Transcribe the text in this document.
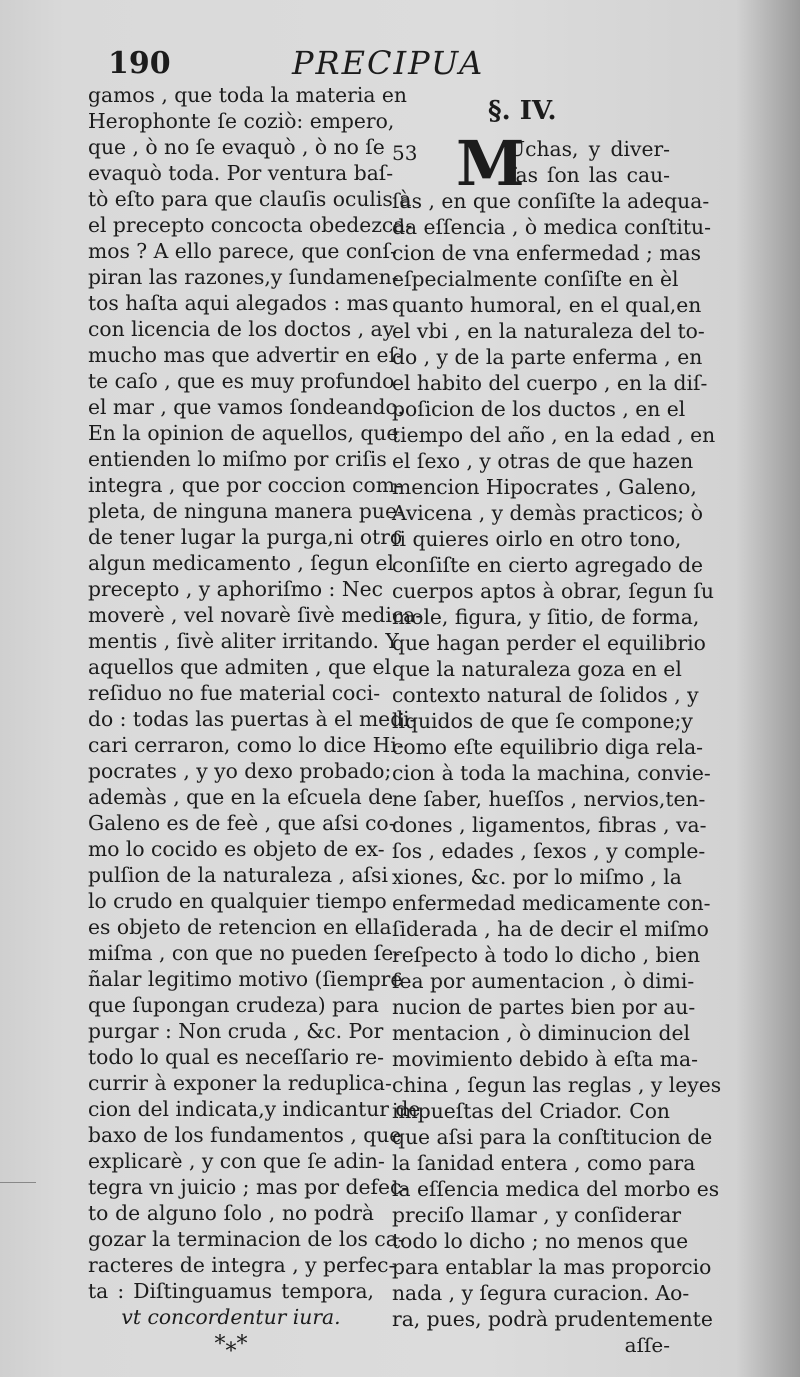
190	PRECIPUA
gamos , que toda la materia en
Herophonte ſe coziò: empero,
que , ò no ſe evaquò , ò no ſe
evaquò toda. Por ventura baſ-
tò eſto para que clauſis oculis à
el precepto concocta obedezca-
mos ? A ello parece, que conſ-
piran las razones,y ſundamen-
tos haſta aqui alegados : mas
con licencia de los doctos , ay
mucho mas que advertir en eſ-
te caſo , que es muy profundo
el mar , que vamos ſondeando.
En la opinion de aquellos, que
entienden lo miſmo por criſis
integra , que por coccion com-
pleta, de ninguna manera pue-
de tener lugar la purga,ni otro
algun medicamento , ſegun el
precepto , y aphoriſmo : Nec
moverè , vel novarè ſivè medica-
mentis , ſivè aliter irritando. Y
aquellos que admiten , que el
reſiduo no fue material coci-
do : todas las puertas à el medi-
cari cerraron, como lo dice Hi-
pocrates , y yo dexo probado;
ademàs , que en la eſcuela de
Galeno es de feè , que aſsi co-
mo lo cocido es objeto de ex-
pulſion de la naturaleza , aſsi
lo crudo en qualquier tiempo
es objeto de retencion en ella
miſma , con que no pueden ſe-
ñalar legitimo motivo (ſiempre
que ſupongan crudeza) para
purgar : Non cruda , &c. Por
todo lo qual es neceſſario re-
currir à exponer la reduplica-
cion del indicata,y indicantur de
baxo de los fundamentos , que
explicarè , y con que ſe adin-
tegra vn juicio ; mas por defec-
to de alguno ſolo , no podrà
gozar la terminacion de los ca-
racteres de integra , y perfec-
ta : Diſtinguamus tempora,
vt concordentur iura.
*⁎*
§. IV.
53 M
Uchas, y diver-
ſas ſon las cau-
ſas , en que conſiſte la adequa-
da eſſencia , ò medica conſtitu-
cion de vna enfermedad ; mas
eſpecialmente conſiſte en èl
quanto humoral, en el qual,en
el vbi , en la naturaleza del to-
do , y de la parte enferma , en
el habito del cuerpo , en la diſ-
poſicion de los ductos , en el
tiempo del año , en la edad , en
el ſexo , y otras de que hazen
mencion Hipocrates , Galeno,
Avicena , y demàs practicos; ò
ſi quieres oirlo en otro tono,
conſiſte en cierto agregado de
cuerpos aptos à obrar, ſegun ſu
mole, figura, y ſitio, de forma,
que hagan perder el equilibrio
que la naturaleza goza en el
contexto natural de ſolidos , y
liquidos de que ſe compone;y
como eſte equilibrio diga rela-
cion à toda la machina, convie-
ne ſaber, hueſſos , nervios,ten-
dones , ligamentos, fibras , va-
ſos , edades , ſexos , y comple-
xiones, &c. por lo miſmo , la
enfermedad medicamente con-
ſiderada , ha de decir el miſmo
reſpecto à todo lo dicho , bien
ſea por aumentacion , ò dimi-
nucion de partes bien por au-
mentacion , ò diminucion del
movimiento debido à eſta ma-
china , ſegun las reglas , y leyes
impueſtas del Criador. Con
que aſsi para la conſtitucion de
la ſanidad entera , como para
la eſſencia medica del morbo es
preciſo llamar , y conſiderar
todo lo dicho ; no menos que
para entablar la mas proporcio
nada , y ſegura curacion. Ao-
ra, pues, podrà prudentemente
aſſe-
